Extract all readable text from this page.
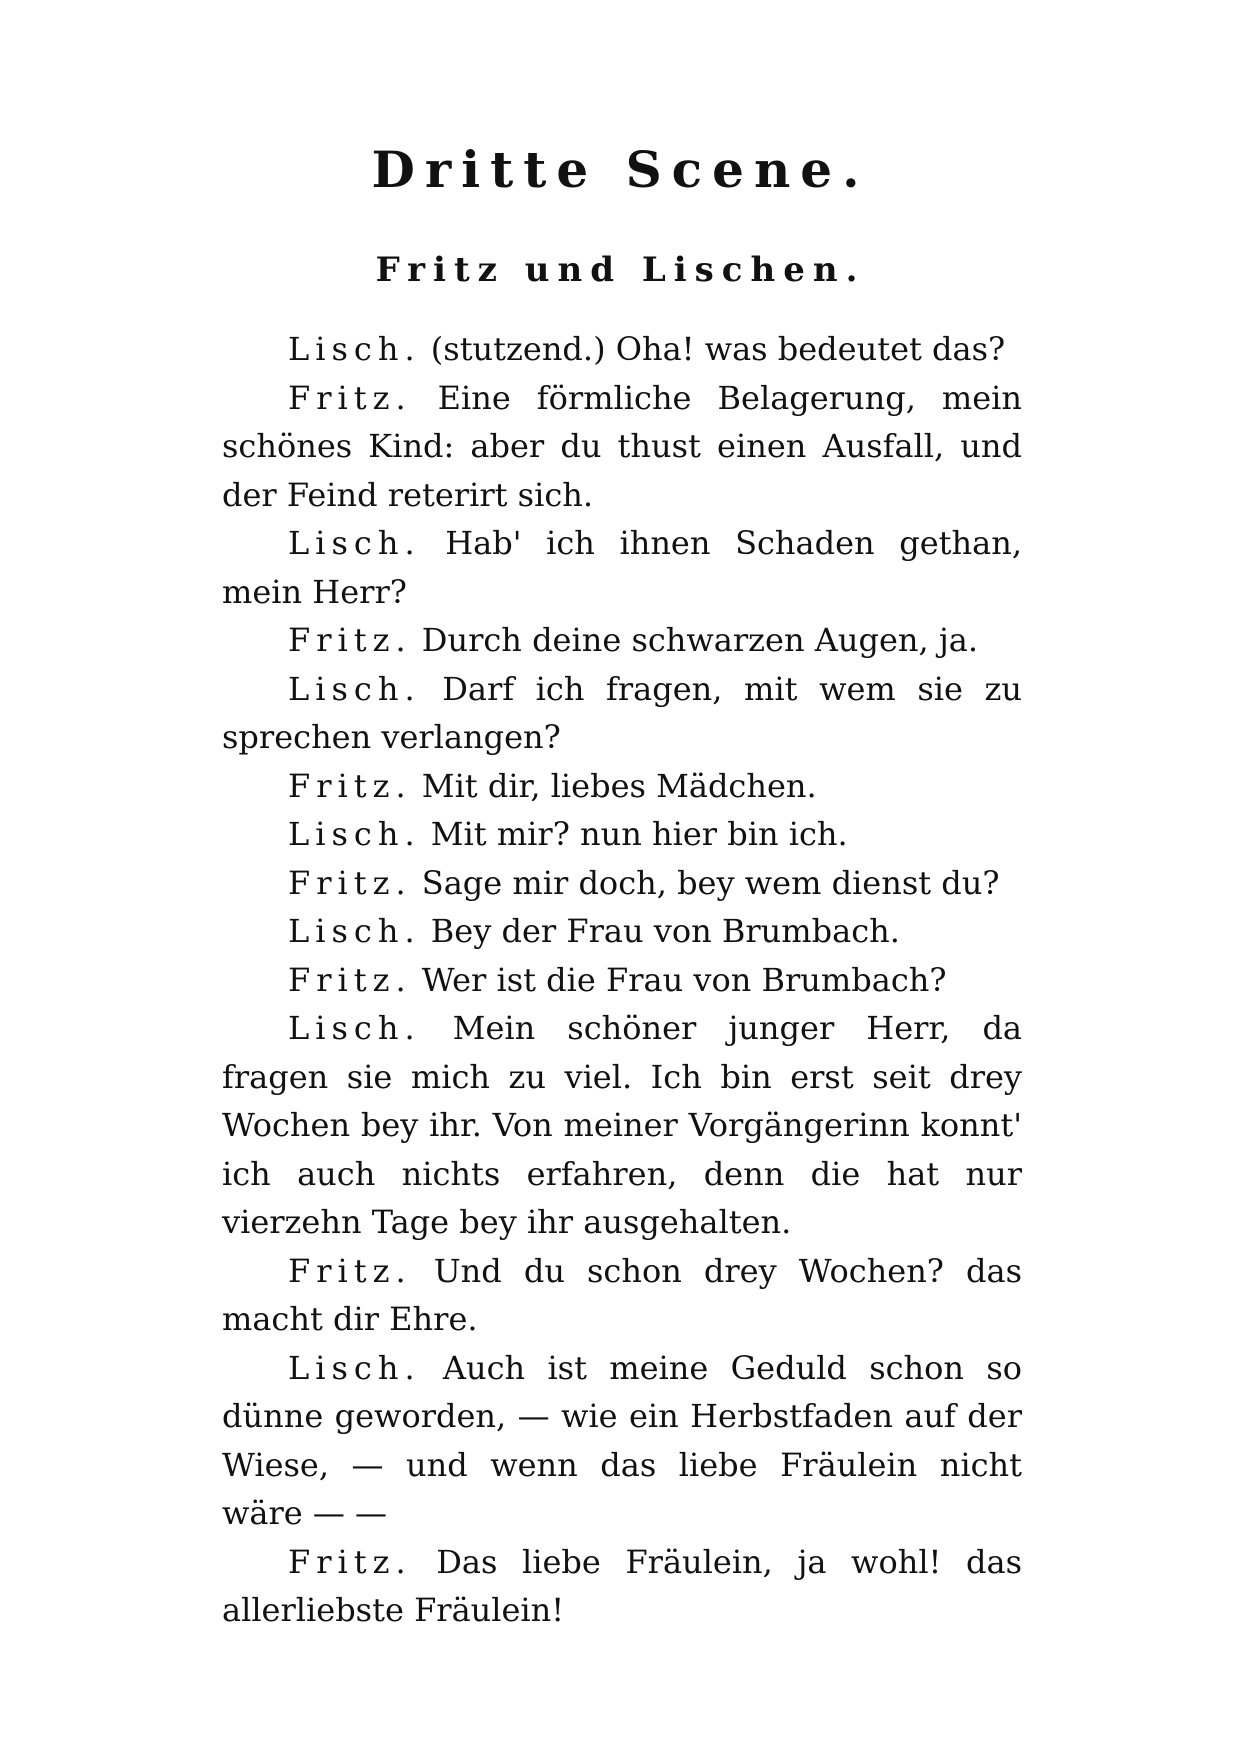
Dritte Scene.
Fritz und Lischen.

Lisch. (stutzend.) Oha! was bedeutet das?

Fritz. Eine förmliche Belagerung, mein schönes Kind: aber du thust einen Ausfall, und der Feind reterirt sich.

Lisch. Hab' ich ihnen Schaden gethan, mein Herr?

Fritz. Durch deine schwarzen Augen, ja.

Lisch. Darf ich fragen, mit wem sie zu sprechen verlangen?

Fritz. Mit dir, liebes Mädchen.

Lisch. Mit mir? nun hier bin ich.

Fritz. Sage mir doch, bey wem dienst du?

Lisch. Bey der Frau von Brumbach.

Fritz. Wer ist die Frau von Brumbach?

Lisch. Mein schöner junger Herr, da fragen sie mich zu viel. Ich bin erst seit drey Wochen bey ihr. Von meiner Vorgängerinn konnt' ich auch nichts erfahren, denn die hat nur vierzehn Tage bey ihr ausgehalten.

Fritz. Und du schon drey Wochen? das macht dir Ehre.

Lisch. Auch ist meine Geduld schon so dünne geworden, — wie ein Herbstfaden auf der Wiese, — und wenn das liebe Fräulein nicht wäre — —

Fritz. Das liebe Fräulein, ja wohl! das allerliebste Fräulein!
